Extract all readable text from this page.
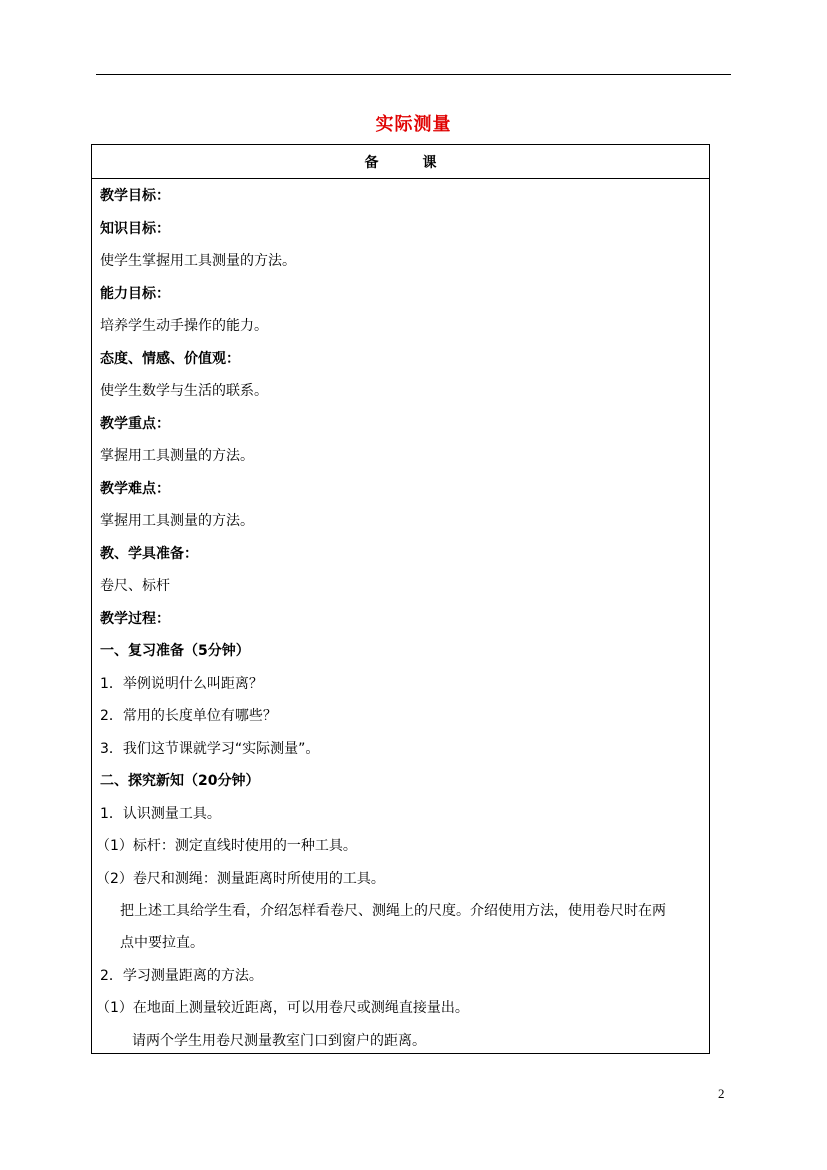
实际测量
备	课
教学目标：
知识目标：
使学生掌握用工具测量的方法。
能力目标：
培养学生动手操作的能力。
态度、情感、价值观：
使学生数学与生活的联系。
教学重点：
掌握用工具测量的方法。
教学难点：
掌握用工具测量的方法。
教、学具准备：
卷尺、标杆
教学过程：
一、复习准备（5分钟）
1．举例说明什么叫距离？
2．常用的长度单位有哪些？
3．我们这节课就学习“实际测量”。
二、探究新知（20分钟）
1．认识测量工具。
（1）标杆：测定直线时使用的一种工具。
（2）卷尺和测绳：测量距离时所使用的工具。
把上述工具给学生看，介绍怎样看卷尺、测绳上的尺度。介绍使用方法，使用卷尺时在两
点中要拉直。
2．学习测量距离的方法。
（1）在地面上测量较近距离，可以用卷尺或测绳直接量出。
请两个学生用卷尺测量教室门口到窗户的距离。
2
